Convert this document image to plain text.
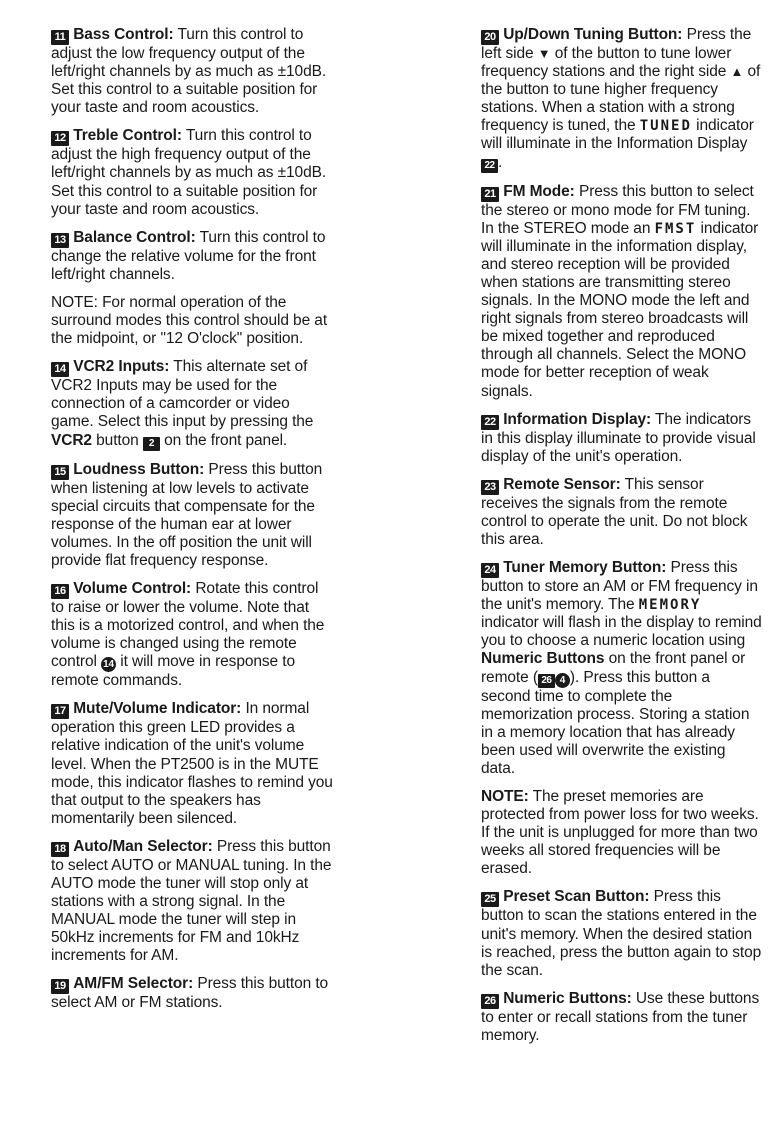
11 Bass Control: Turn this control to adjust the low frequency output of the left/right channels by as much as ±10dB. Set this control to a suitable position for your taste and room acoustics.

12 Treble Control: Turn this control to adjust the high frequency output of the left/right channels by as much as ±10dB. Set this control to a suitable position for your taste and room acoustics.

13 Balance Control: Turn this control to change the relative volume for the front left/right channels.

NOTE: For normal operation of the surround modes this control should be at the midpoint, or "12 O'clock" position.

14 VCR2 Inputs: This alternate set of VCR2 Inputs may be used for the connection of a camcorder or video game. Select this input by pressing the VCR2 button 2 on the front panel.

15 Loudness Button: Press this button when listening at low levels to activate special circuits that compensate for the response of the human ear at lower volumes. In the off position the unit will provide flat frequency response.

16 Volume Control: Rotate this control to raise or lower the volume. Note that this is a motorized control, and when the volume is changed using the remote control 14 it will move in response to remote commands.

17 Mute/Volume Indicator: In normal operation this green LED provides a relative indication of the unit's volume level. When the PT2500 is in the MUTE mode, this indicator flashes to remind you that output to the speakers has momentarily been silenced.

18 Auto/Man Selector: Press this button to select AUTO or MANUAL tuning. In the AUTO mode the tuner will stop only at stations with a strong signal. In the MANUAL mode the tuner will step in 50kHz increments for FM and 10kHz increments for AM.

19 AM/FM Selector: Press this button to select AM or FM stations.

20 Up/Down Tuning Button: Press the left side ▼ of the button to tune lower frequency stations and the right side ▲ of the button to tune higher frequency stations. When a station with a strong frequency is tuned, the TUNED indicator will illuminate in the Information Display 22 .

21 FM Mode: Press this button to select the stereo or mono mode for FM tuning. In the STEREO mode an FMST indicator will illuminate in the information display, and stereo reception will be provided when stations are transmitting stereo signals. In the MONO mode the left and right signals from stereo broadcasts will be mixed together and reproduced through all channels. Select the MONO mode for better reception of weak signals.

22 Information Display: The indicators in this display illuminate to provide visual display of the unit's operation.

23 Remote Sensor: This sensor receives the signals from the remote control to operate the unit. Do not block this area.

24 Tuner Memory Button: Press this button to store an AM or FM frequency in the unit's memory. The MEMORY indicator will flash in the display to remind you to choose a numeric location using Numeric Buttons on the front panel or remote ( 26 4 ). Press this button a second time to complete the memorization process. Storing a station in a memory location that has already been used will overwrite the existing data.

NOTE: The preset memories are protected from power loss for two weeks. If the unit is unplugged for more than two weeks all stored frequencies will be erased.

25 Preset Scan Button: Press this button to scan the stations entered in the unit's memory. When the desired station is reached, press the button again to stop the scan.

26 Numeric Buttons: Use these buttons to enter or recall stations from the tuner memory.
